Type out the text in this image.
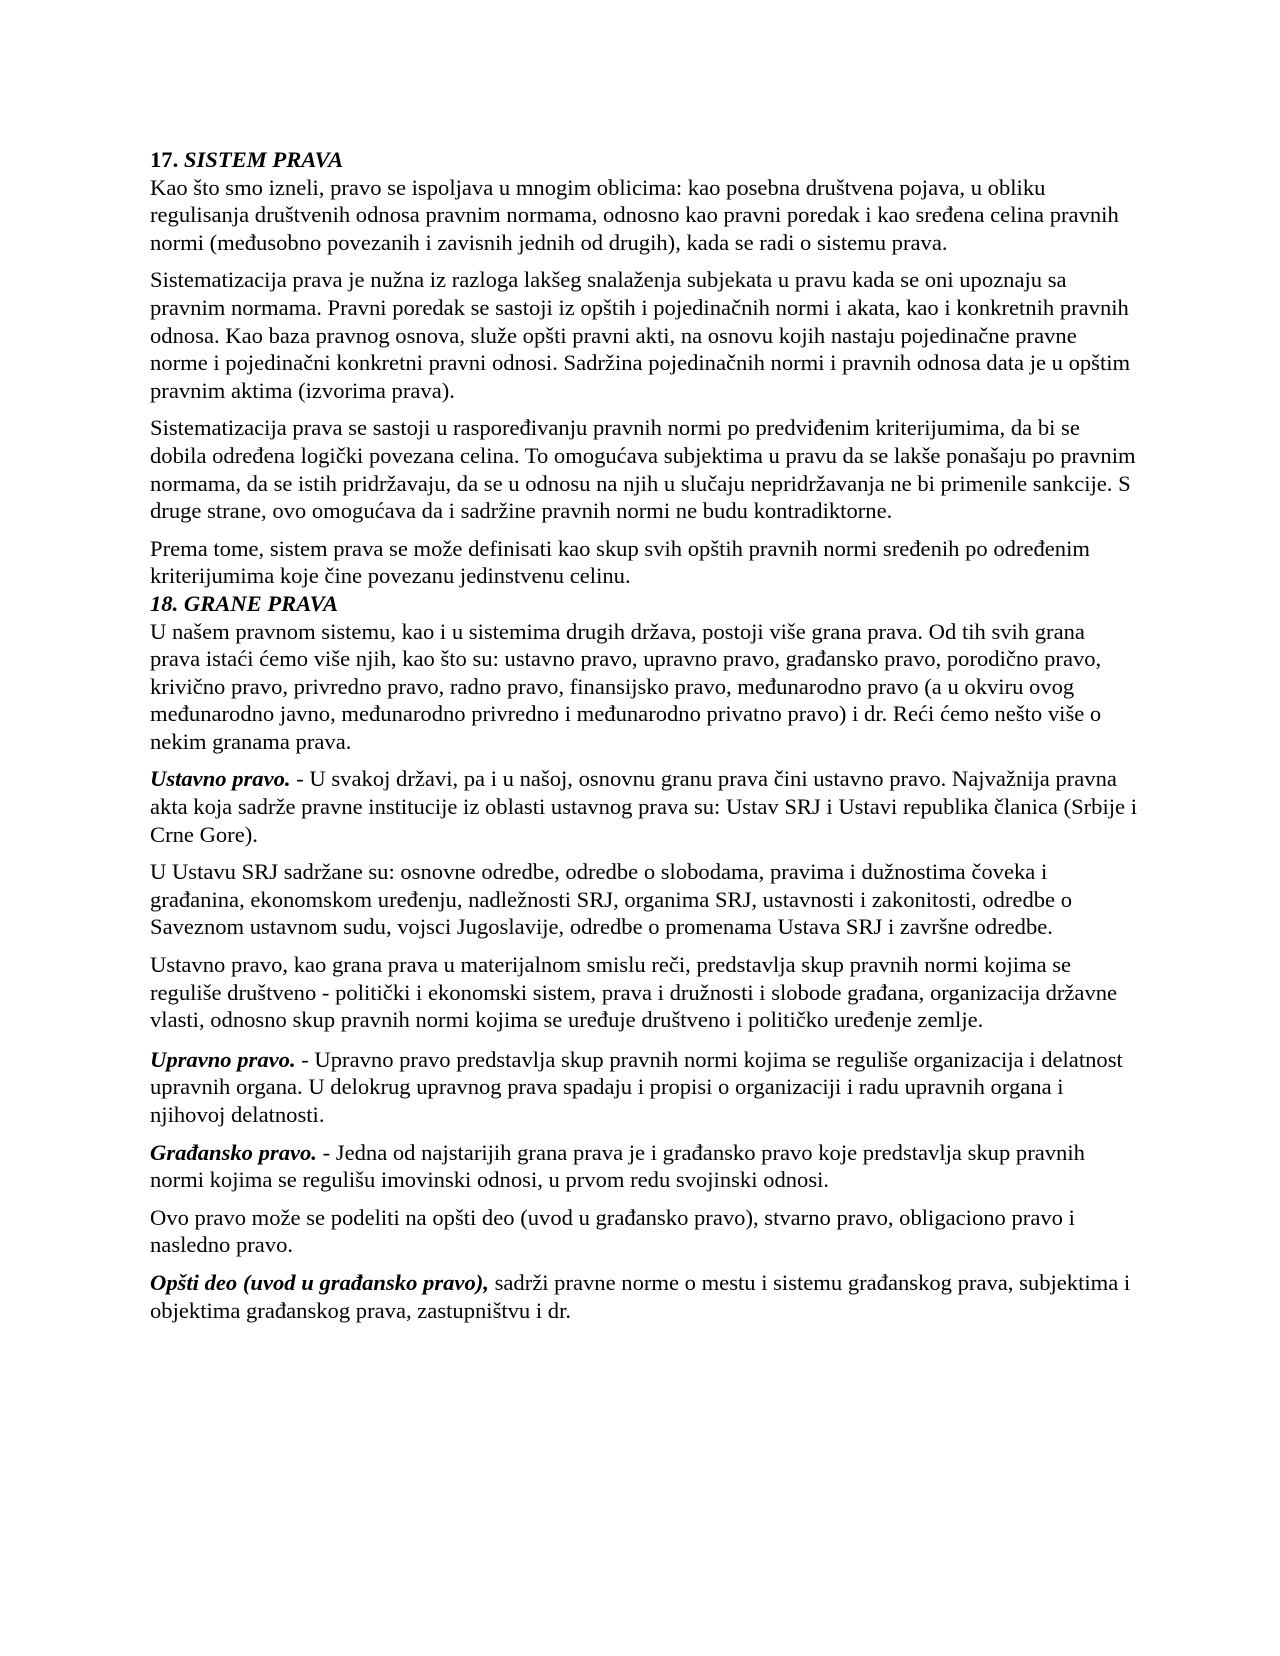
17. SISTEM PRAVA

Kao što smo izneli, pravo se ispoljava u mnogim oblicima: kao posebna društvena pojava, u obliku regulisanja društvenih odnosa pravnim normama, odnosno kao pravni poredak i kao sređena celina pravnih normi (međusobno povezanih i zavisnih jednih od drugih), kada se radi o sistemu prava.

Sistematizacija prava je nužna iz razloga lakšeg snalaženja subjekata u pravu kada se oni upoznaju sa pravnim normama. Pravni poredak se sastoji iz opštih i pojedinačnih normi i akata, kao i konkretnih pravnih odnosa. Kao baza pravnog osnova, služe opšti pravni akti, na osnovu kojih nastaju pojedinačne pravne norme i pojedinačni konkretni pravni odnosi. Sadržina pojedinačnih normi i pravnih odnosa data je u opštim pravnim aktima (izvorima prava).

Sistematizacija prava se sastoji u raspoređivanju pravnih normi po predviđenim kriterijumima, da bi se dobila određena logički povezana celina. To omogućava subjektima u pravu da se lakše ponašaju po pravnim normama, da se istih pridržavaju, da se u odnosu na njih u slučaju nepridržavanja ne bi primenile sankcije. S druge strane, ovo omogućava da i sadržine pravnih normi ne budu kontradiktorne.

Prema tome, sistem prava se može definisati kao skup svih opštih pravnih normi sređenih po određenim kriterijumima koje čine povezanu jedinstvenu celinu.

18. GRANE PRAVA

U našem pravnom sistemu, kao i u sistemima drugih država, postoji više grana prava. Od tih svih grana prava istaći ćemo više njih, kao što su: ustavno pravo, upravno pravo, građansko pravo, porodično pravo, krivično pravo, privredno pravo, radno pravo, finansijsko pravo, međunarodno pravo (a u okviru ovog međunarodno javno, međunarodno privredno i međunarodno privatno pravo) i dr. Reći ćemo nešto više o nekim granama prava.

Ustavno pravo. - U svakoj državi, pa i u našoj, osnovnu granu prava čini ustavno pravo. Najvažnija pravna akta koja sadrže pravne institucije iz oblasti ustavnog prava su: Ustav SRJ i Ustavi republika članica (Srbije i Crne Gore).

U Ustavu SRJ sadržane su: osnovne odredbe, odredbe o slobodama, pravima i dužnostima čoveka i građanina, ekonomskom uređenju, nadležnosti SRJ, organima SRJ, ustavnosti i zakonitosti, odredbe o Saveznom ustavnom sudu, vojsci Jugoslavije, odredbe o promenama Ustava SRJ i završne odredbe.

Ustavno pravo, kao grana prava u materijalnom smislu reči, predstavlja skup pravnih normi kojima se reguliše društveno - politički i ekonomski sistem, prava i družnosti i slobode građana, organizacija državne vlasti, odnosno skup pravnih normi kojima se uređuje društveno i političko uređenje zemlje.

Upravno pravo. - Upravno pravo predstavlja skup pravnih normi kojima se reguliše organizacija i delatnost upravnih organa. U delokrug upravnog prava spadaju i propisi o organizaciji i radu upravnih organa i njihovoj delatnosti.

Građansko pravo. - Jedna od najstarijih grana prava je i građansko pravo koje predstavlja skup pravnih normi kojima se regulišu imovinski odnosi, u prvom redu svojinski odnosi.

Ovo pravo može se podeliti na opšti deo (uvod u građansko pravo), stvarno pravo, obligaciono pravo i nasledno pravo.

Opšti deo (uvod u građansko pravo), sadrži pravne norme o mestu i sistemu građanskog prava, subjektima i objektima građanskog prava, zastupništvu i dr.
